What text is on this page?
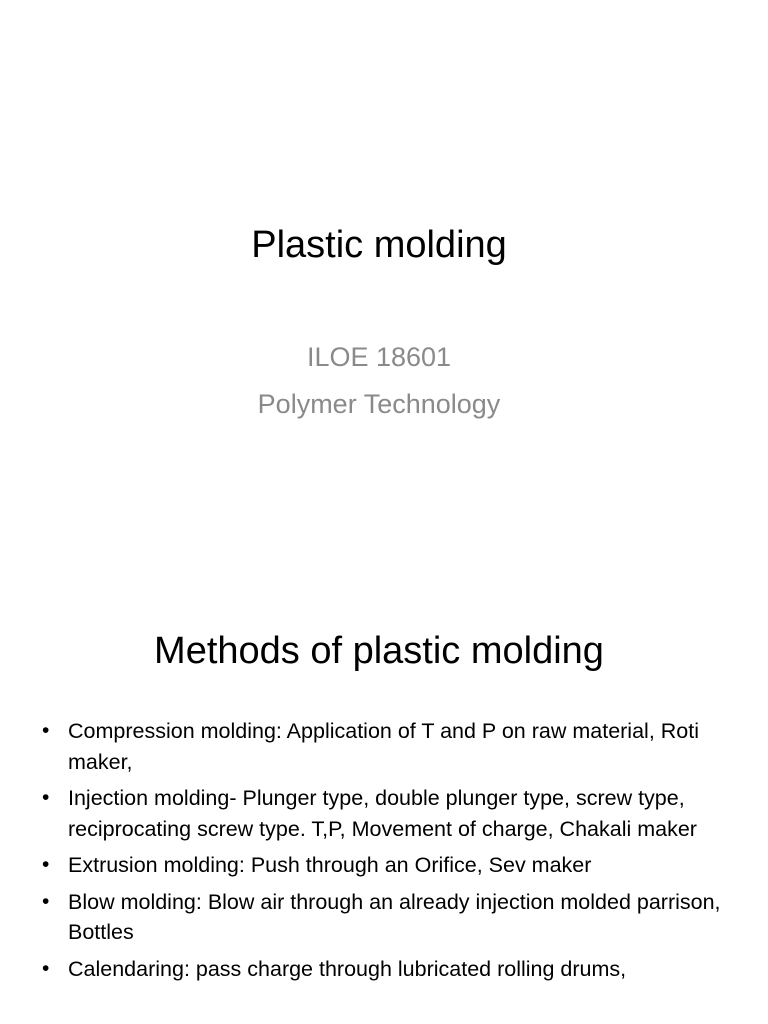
Plastic molding
ILOE 18601
Polymer Technology
Methods of plastic molding
• Compression molding: Application of T and P on raw material, Roti maker,
• Injection molding- Plunger type, double plunger type, screw type, reciprocating screw type. T,P, Movement of charge, Chakali maker
• Extrusion molding: Push through an Orifice, Sev maker
• Blow molding: Blow air through an already injection molded parrison, Bottles
• Calendaring: pass charge through lubricated rolling drums,
